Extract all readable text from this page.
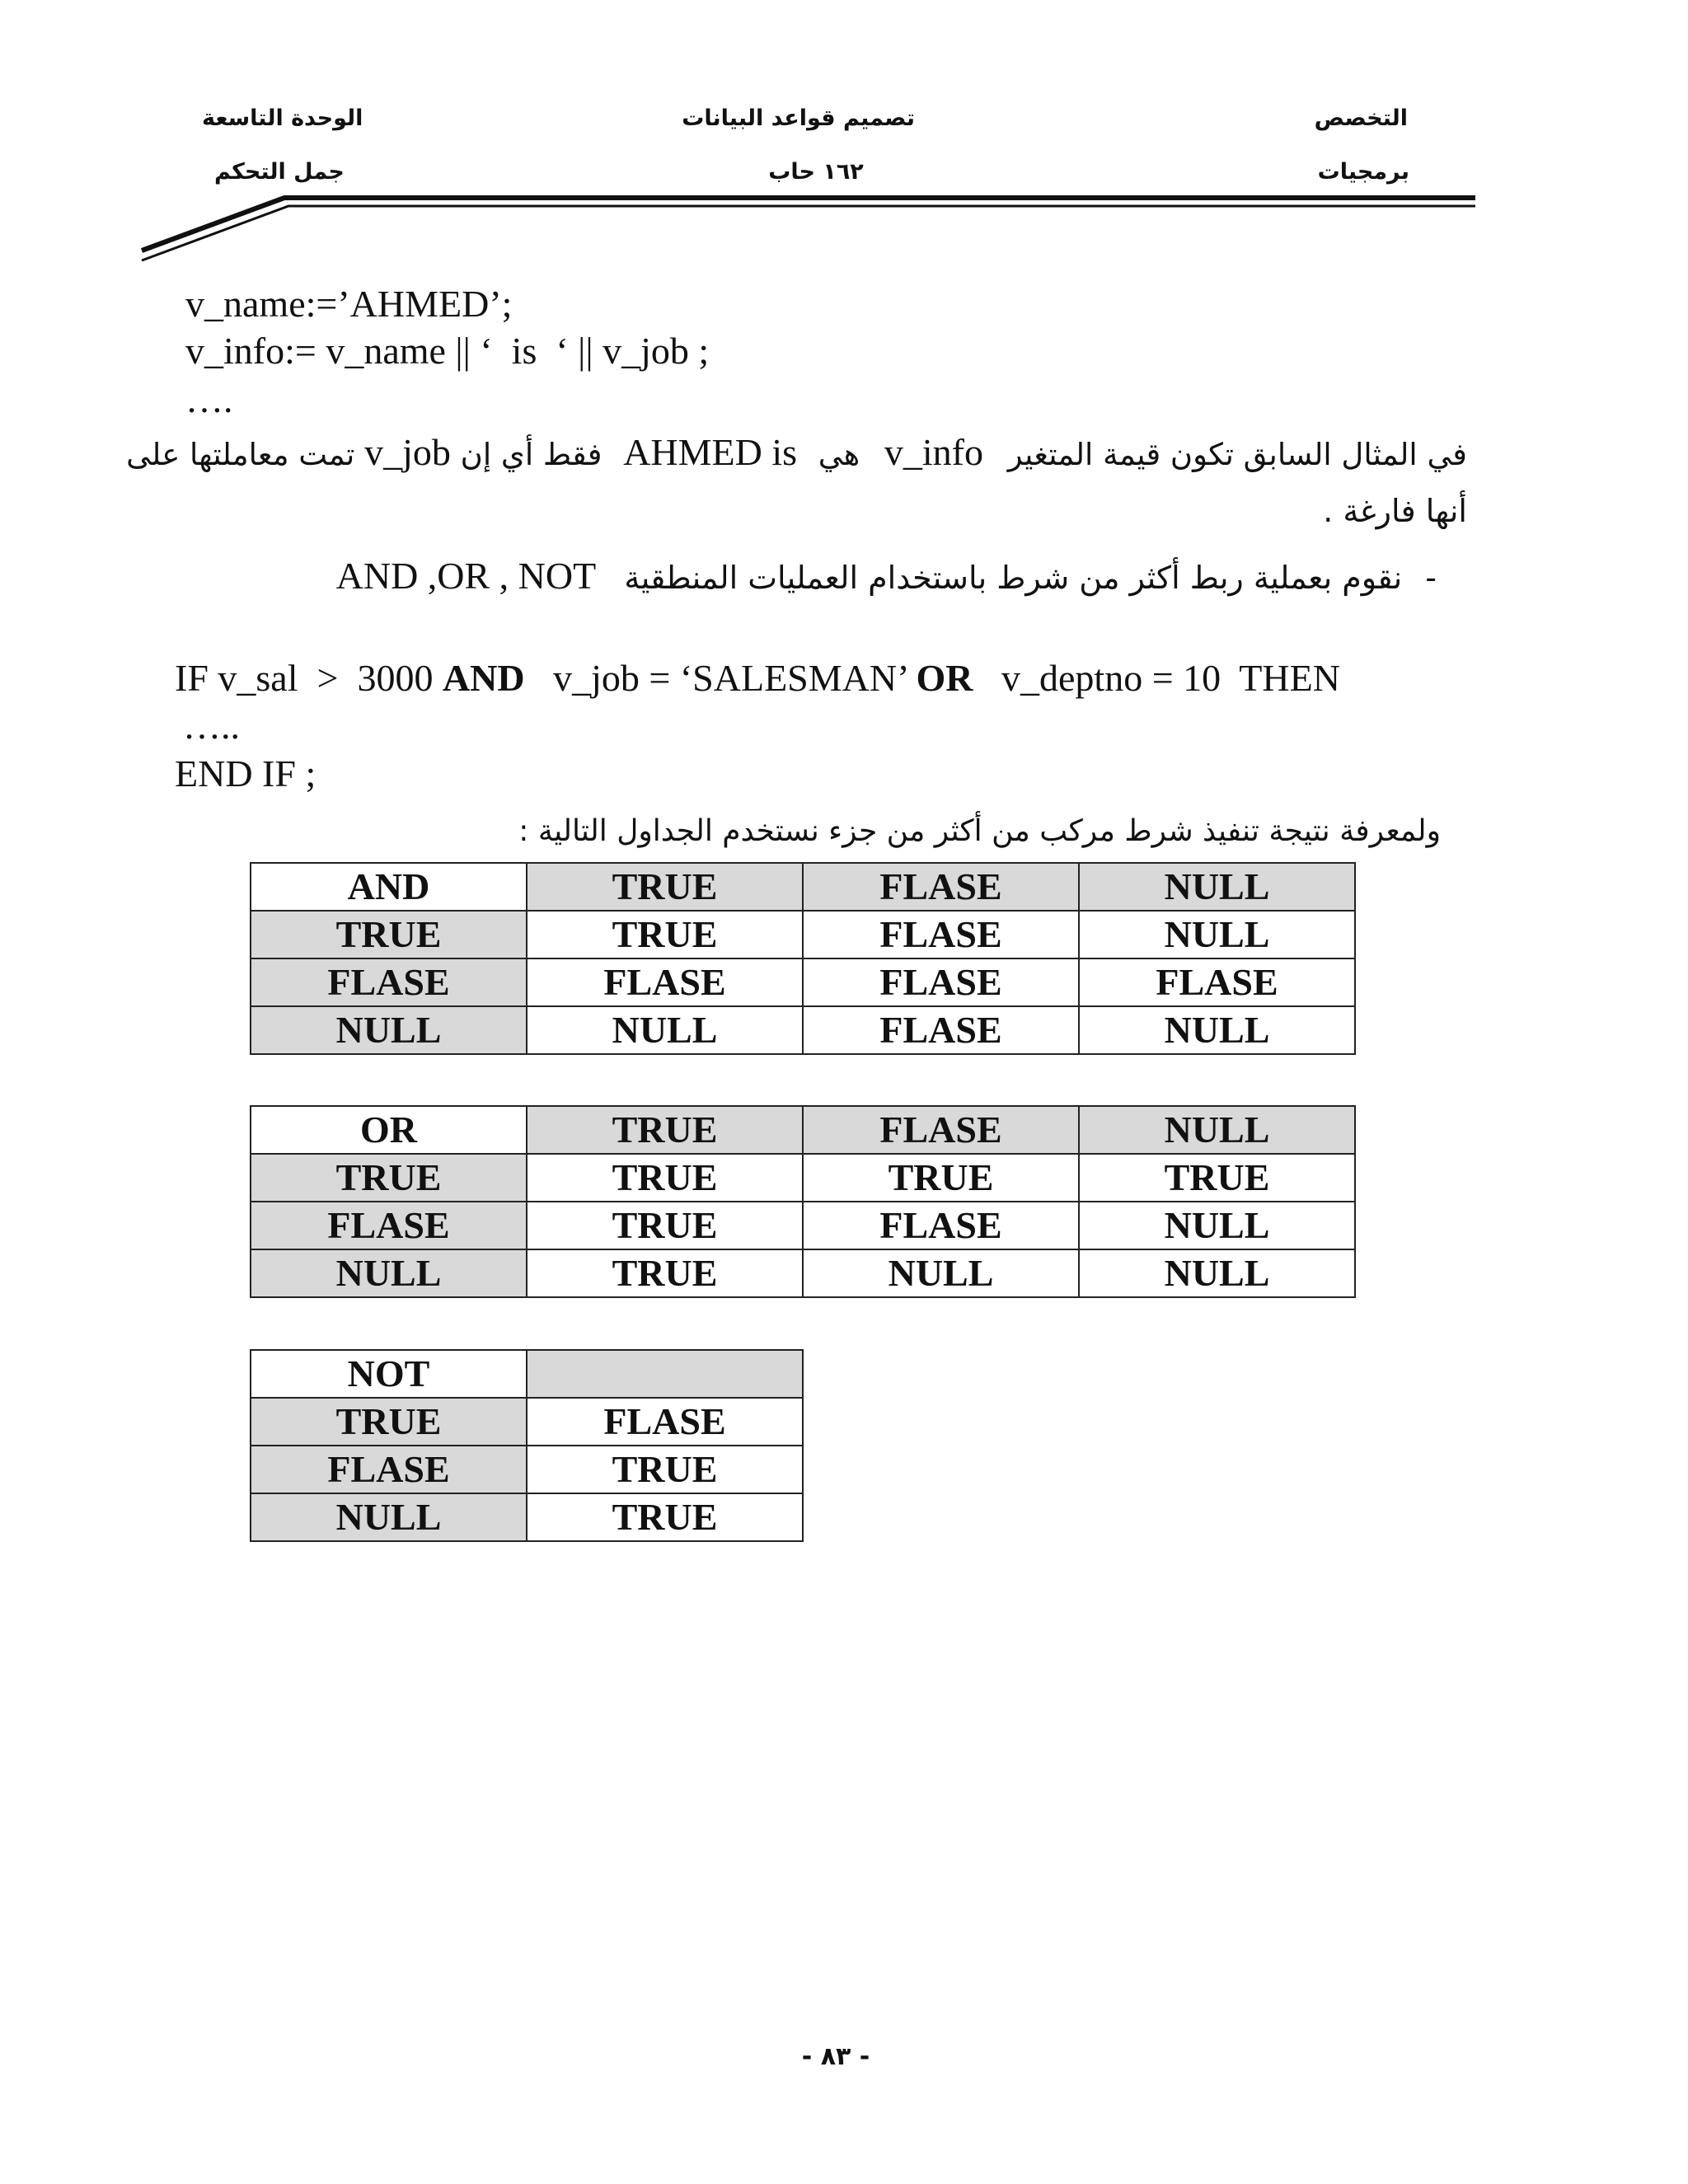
التخصص
برمجيات
تصميم قواعد البيانات
١٦٢ حاب
الوحدة التاسعة
جمل التحكم
v_name:=’AHMED’;
v_info:= v_name || ‘  is  ‘ || v_job ;
….
في المثال السابق تكون قيمة المتغير v_info هي AHMED is فقط أي إن v_job تمت معاملتها على
أنها فارغة .
- نقوم بعملية ربط أكثر من شرط باستخدام العمليات المنطقية AND ,OR , NOT
IF v_sal  >  3000 AND   v_job = ‘SALESMAN’ OR   v_deptno = 10  THEN
…..
END IF ;
ولمعرفة نتيجة تنفيذ شرط مركب من أكثر من جزء نستخدم الجداول التالية :
AND	TRUE	FLASE	NULL
TRUE	TRUE	FLASE	NULL
FLASE	FLASE	FLASE	FLASE
NULL	NULL	FLASE	NULL
OR	TRUE	FLASE	NULL
TRUE	TRUE	TRUE	TRUE
FLASE	TRUE	FLASE	NULL
NULL	TRUE	NULL	NULL
NOT	
TRUE	FLASE
FLASE	TRUE
NULL	TRUE
- ٨٣ -
